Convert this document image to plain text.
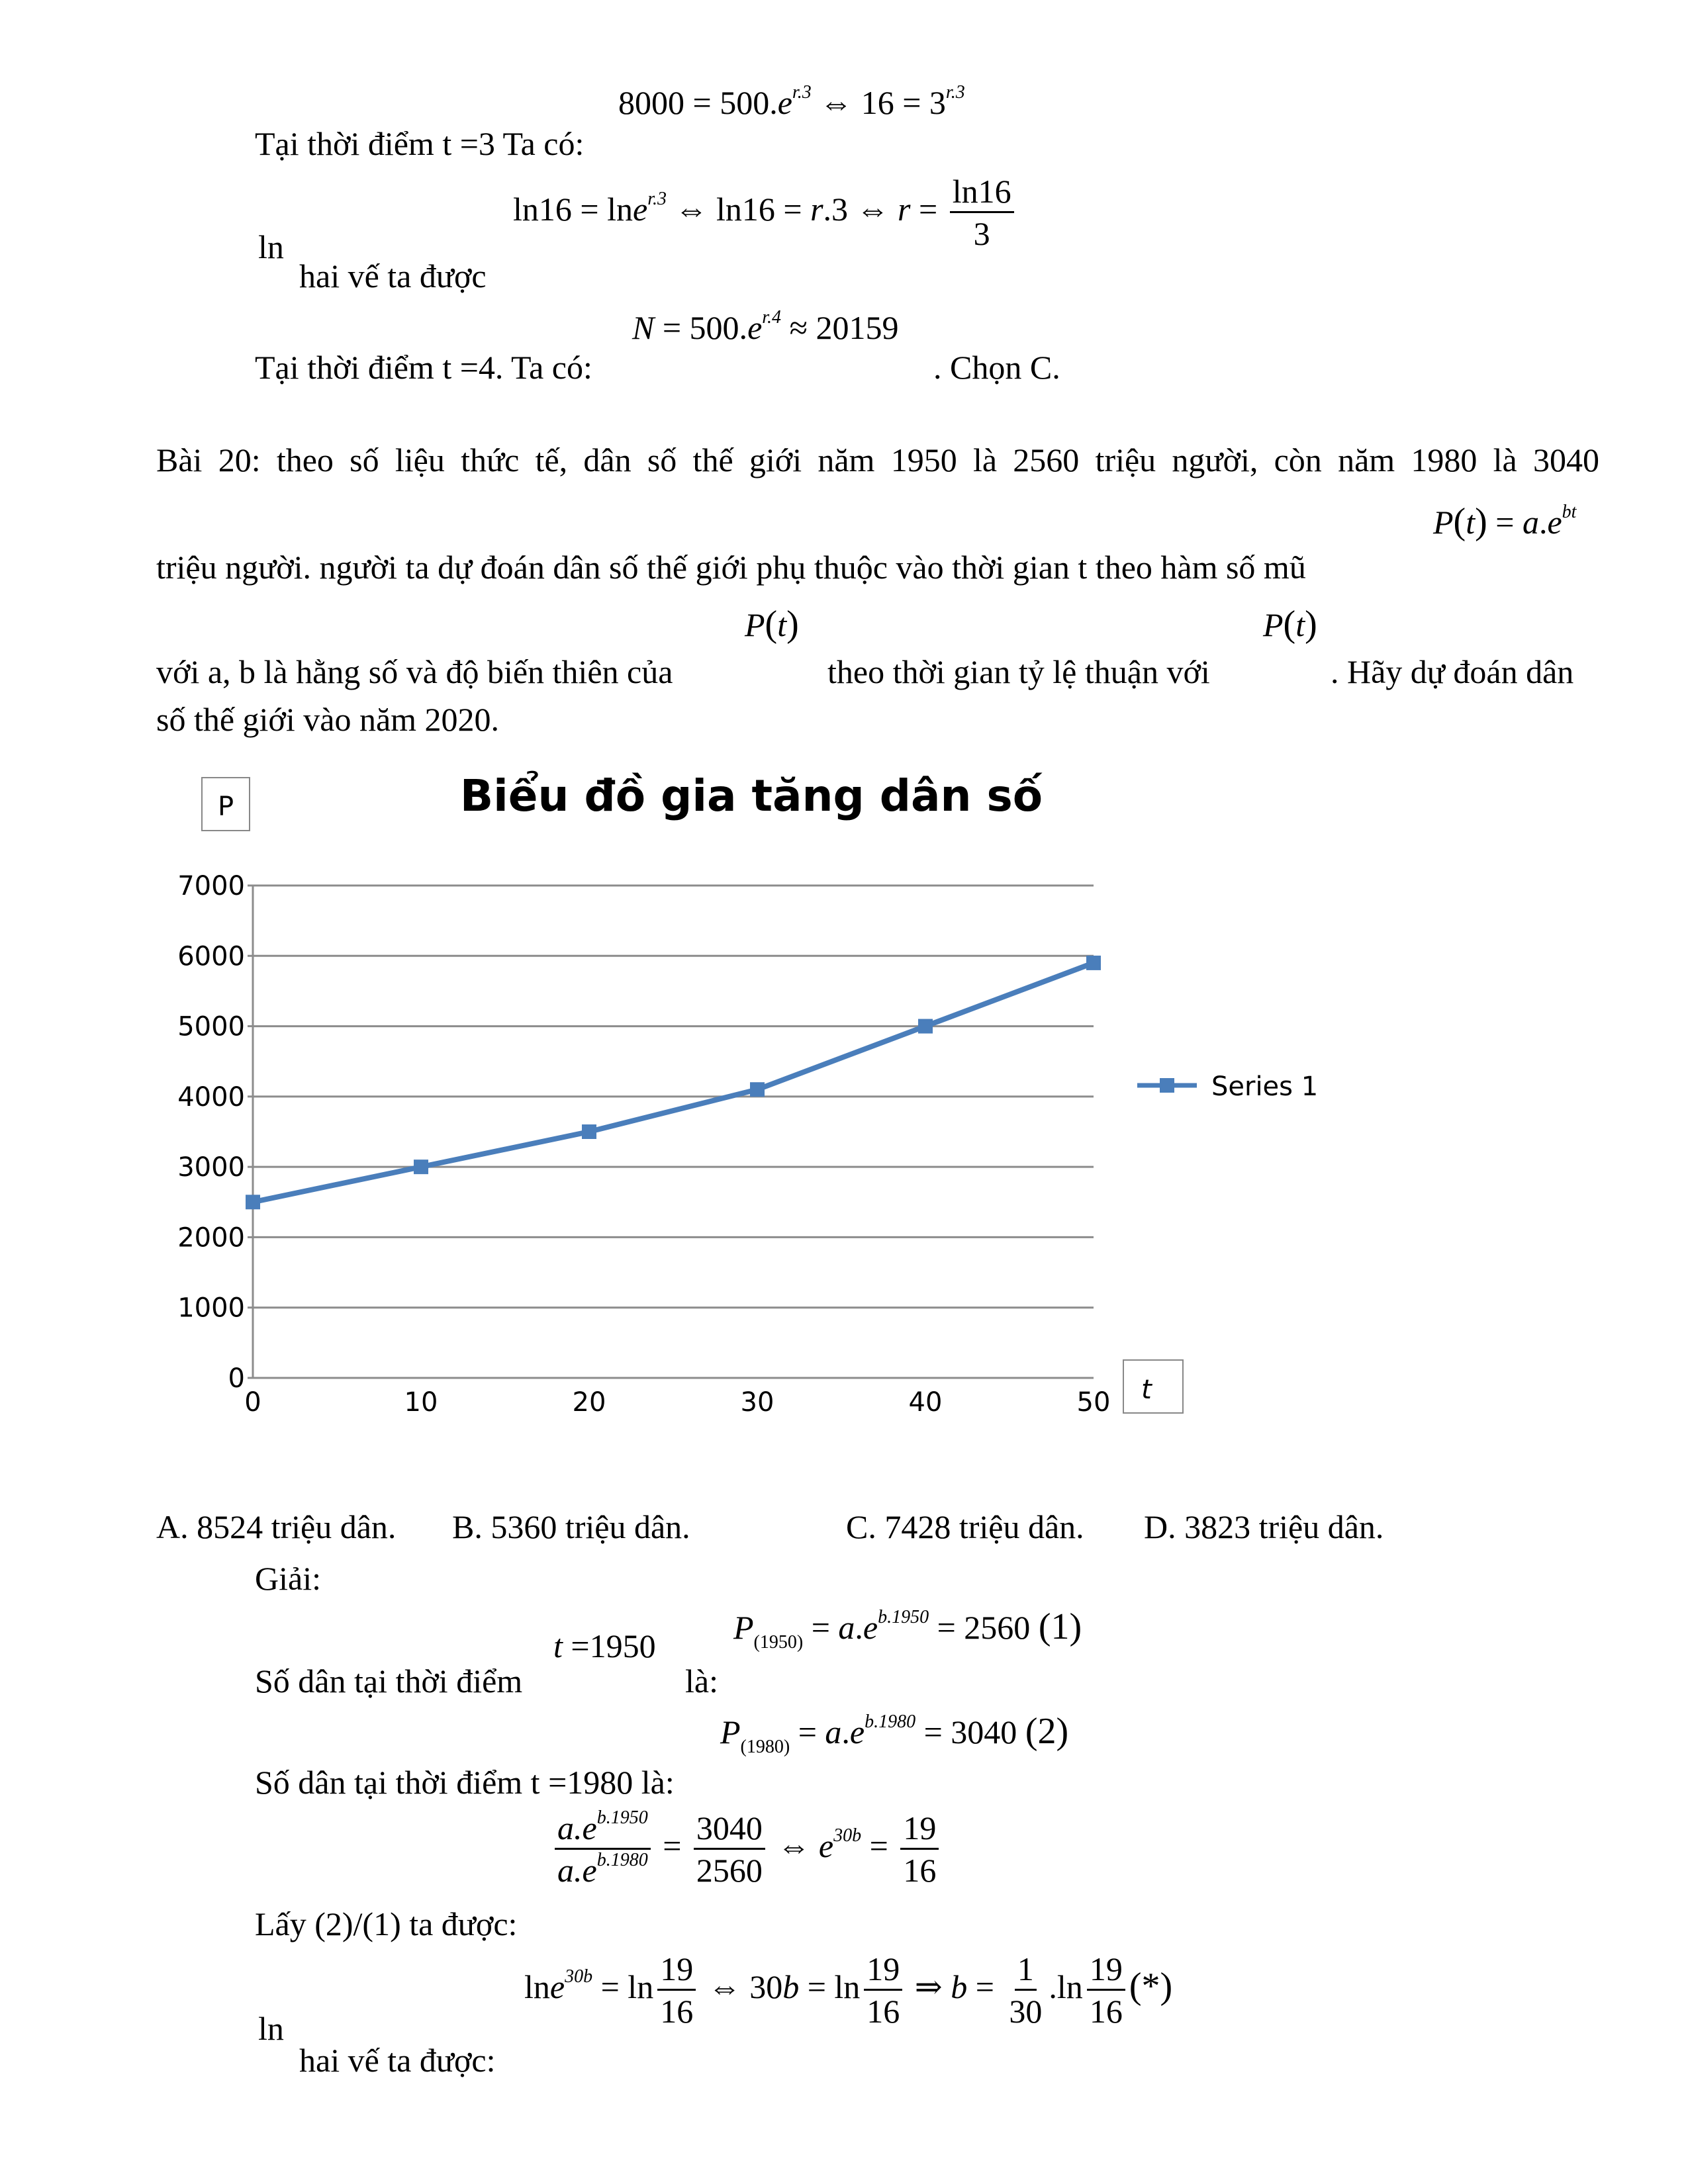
$8000 = 500.e^{r.3}$ ⇔ $16 = 3^{r.3}$
Tại thời điểm t =3 Ta có:
ln16 = lne$^{r.3}$ ⇔ ln16 = r.3 ⇔ $r = \frac{\ln 16}{3}$
ln
hai vế ta được
$N = 500.e^{r.4} \approx 20159$
Tại thời điểm t =4. Ta có:	. Chọn C.
Bài 20: theo số liệu thức tế, dân số thế giới năm 1950 là 2560 triệu người, còn năm 1980 là 3040
$P(t) = a.e^{bt}$
triệu người. người ta dự đoán dân số thế giới phụ thuộc vào thời gian t theo hàm số mũ
P(t)	P(t)
với a, b là hằng số và độ biến thiên của	theo thời gian tỷ lệ thuận với	. Hãy dự đoán dân
số thế giới vào năm 2020.
0
1000
2000
3000
4000
5000
6000
7000
0	10	20	30	40	50
Biểu đồ gia tăng dân số
P
t
Series 1
A. 8524 triệu dân. B. 5360 triệu dân.	C. 7428 triệu dân. D. 3823 triệu dân.
Giải:
t =1950 $P_{(1950)} = a.e^{b.1950} = 2560$ (1)
Số dân tại thời điểm	là:
$P_{(1980)} = a.e^{b.1980} = 3040$ (2)
Số dân tại thời điểm t =1980 là:
$\frac{a.e^{b.1950}}{a.e^{b.1980}} = \frac{3040}{2560}$ ⇔ $e^{30b} = \frac{19}{16}$
Lấy (2)/(1) ta được:
$\ln e^{30b} = \ln \frac{19}{16}$ ⇔ $30b = \ln \frac{19}{16}$ ⇒ $b = \frac{1}{30} .\ln \frac{19}{16}$ (*)
ln
hai vế ta được:
